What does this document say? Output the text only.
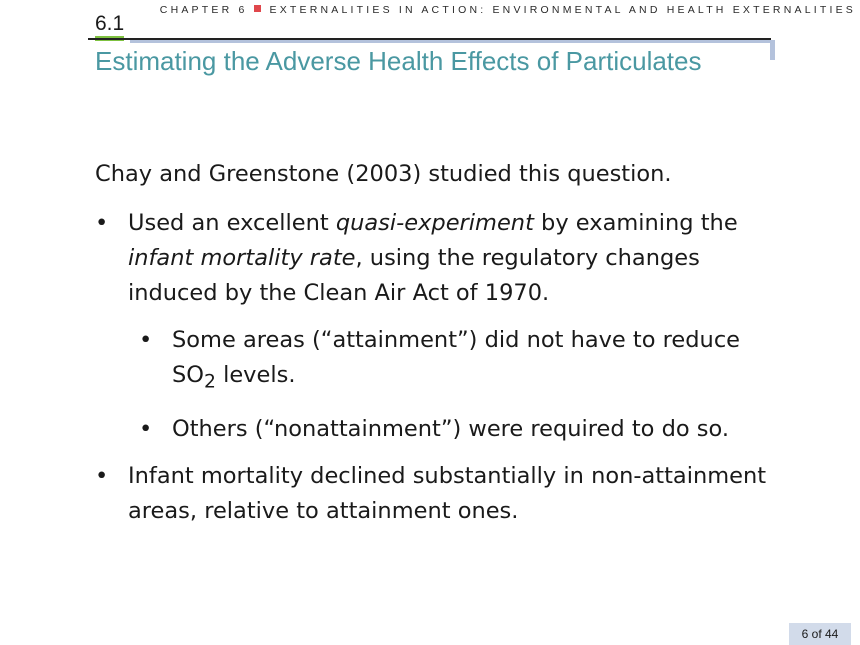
CHAPTER 6 EXTERNALITIES IN ACTION: ENVIRONMENTAL AND HEALTH EXTERNALITIES
6.1
Estimating the Adverse Health Effects of Particulates

Chay and Greenstone (2003) studied this question.

• Used an excellent quasi-experiment by examining the infant mortality rate, using the regulatory changes induced by the Clean Air Act of 1970.
• Some areas (“attainment”) did not have to reduce $SO_2$ levels.
• Others (“nonattainment”) were required to do so.
• Infant mortality declined substantially in non-attainment areas, relative to attainment ones.
6 of 44
